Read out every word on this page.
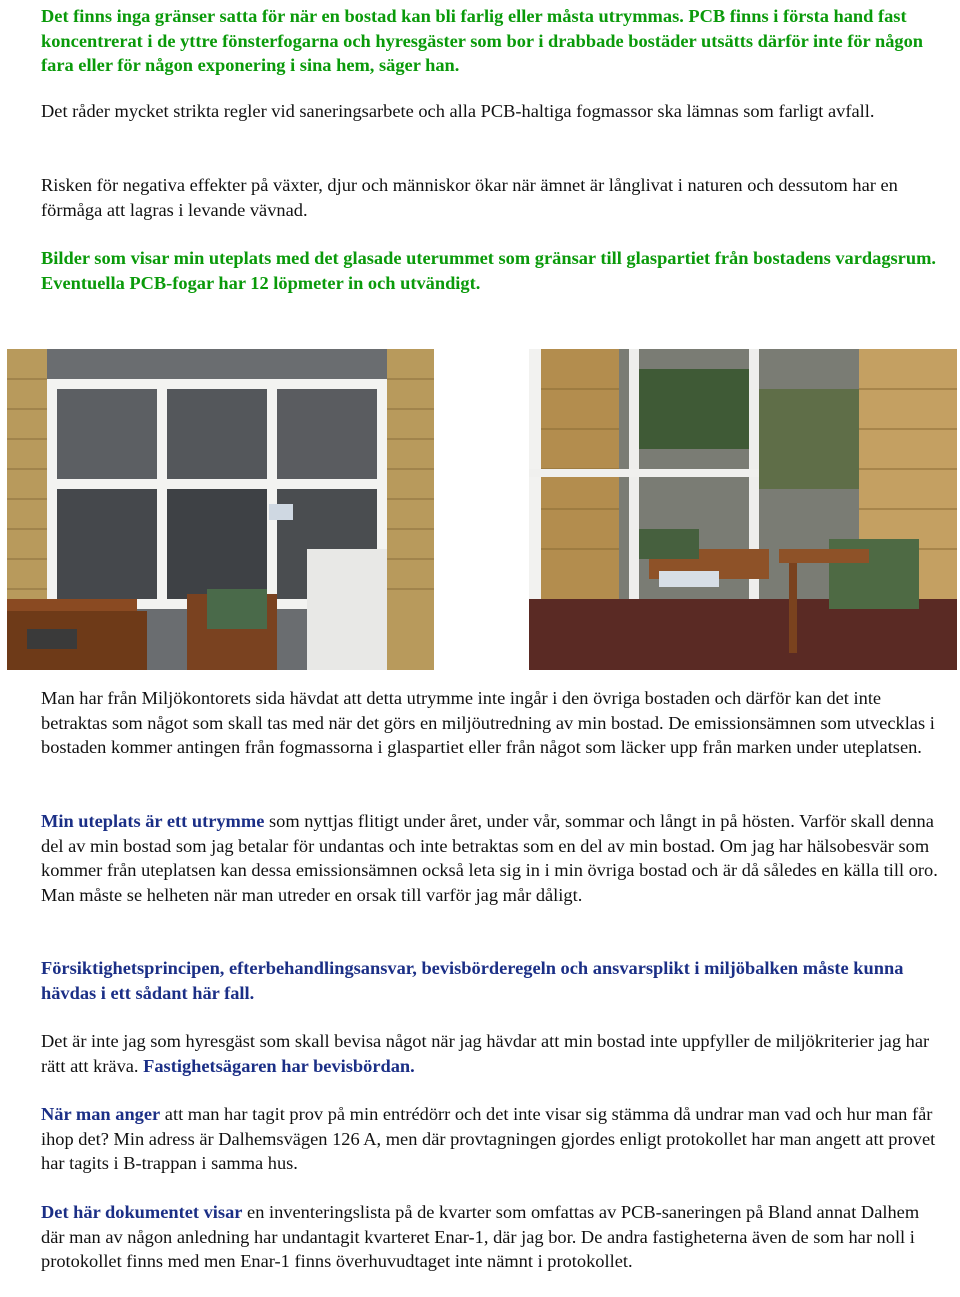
Det finns inga gränser satta för när en bostad kan bli farlig eller måsta utrymmas. PCB finns i första hand fast koncentrerat i de yttre fönsterfogarna och hyresgäster som bor i drabbade bostäder utsätts därför inte för någon fara eller för någon exponering i sina hem, säger han.

Det råder mycket strikta regler vid saneringsarbete och alla PCB-haltiga fogmassor ska lämnas som farligt avfall.

Risken för negativa effekter på växter, djur och människor ökar när ämnet är långlivat i naturen och dessutom har en förmåga att lagras i levande vävnad.

Bilder som visar min uteplats med det glasade uterummet som gränsar till glaspartiet från bostadens vardagsrum. Eventuella PCB-fogar har 12 löpmeter in och utvändigt.

Man har från Miljökontorets sida hävdat att detta utrymme inte ingår i den övriga bostaden och därför kan det inte betraktas som något som skall tas med när det görs en miljöutredning av min bostad. De emissionsämnen som utvecklas i bostaden kommer antingen från fogmassorna i glaspartiet eller från något som läcker upp från marken under uteplatsen.

Min uteplats är ett utrymme som nyttjas flitigt under året, under vår, sommar och långt in på hösten. Varför skall denna del av min bostad som jag betalar för undantas och inte betraktas som en del av min bostad. Om jag har hälsobesvär som kommer från uteplatsen kan dessa emissionsämnen också leta sig in i min övriga bostad och är då således en källa till oro. Man måste se helheten när man utreder en orsak till varför jag mår dåligt.

Försiktighetsprincipen, efterbehandlingsansvar, bevisbörderegeln och ansvarsplikt i miljöbalken måste kunna hävdas i ett sådant här fall.

Det är inte jag som hyresgäst som skall bevisa något när jag hävdar att min bostad inte uppfyller de miljökriterier jag har rätt att kräva. Fastighetsägaren har bevisbördan.

När man anger att man har tagit prov på min entrédörr och det inte visar sig stämma då undrar man vad och hur man får ihop det? Min adress är Dalhemsvägen 126 A, men där provtagningen gjordes enligt protokollet har man angett att provet har tagits i B-trappan i samma hus.

Det här dokumentet visar en inventeringslista på de kvarter som omfattas av PCB-saneringen på Bland annat Dalhem där man av någon anledning har undantagit kvarteret Enar-1, där jag bor. De andra fastigheterna även de som har noll i protokollet finns med men Enar-1 finns överhuvudtaget inte nämnt i protokollet.
